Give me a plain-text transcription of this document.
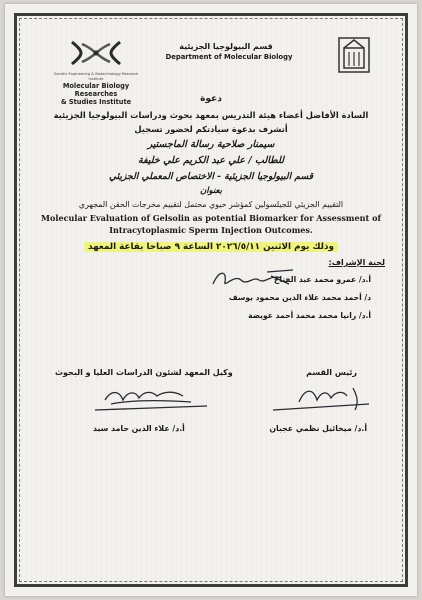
Genetic Engineering & Biotechnology Research Institute
Molecular Biology Researches
& Studies Institute
قسم البيولوجيا الجزيئية
Department of Molecular Biology
دعوة
السادة الأفاضل أعضاء هيئة التدريس بمعهد بحوث ودراسات البيولوجيا الجزيئية
أتشرف بدعوة سيادتكم لحضور تسجيل
سيمنار صلاحية رسالة الماجستير
للطالب / علي عبد الكريم علي خليفة
قسم البيولوجيا الجزيئية - الاختصاص المعملي الجزيئي
بعنوان
التقييم الجزيئي للجيلسولين كمؤشر حيوي محتمل لتقييم مخرجات الحقن المجهري
Molecular Evaluation of Gelsolin as potential Biomarker for Assessment of
Intracytoplasmic Sperm Injection Outcomes.
وذلك يوم الاثنين ٢٠٢٦/٥/١١ الساعة ٩ صباحا بقاعة المعهد
لجنة الإشراف:
أ.د/ عمرو محمد عبد الفتاح
د/ أحمد محمد علاء الدين محمود يوسف
أ.د/ رانيا محمد محمد أحمد عويضة
رئيس القسم
وكيل المعهد لشئون الدراسات العليا و البحوث
أ.د/ ميخائيل نظمي عجبان
أ.د/ علاء الدين حامد سيد
